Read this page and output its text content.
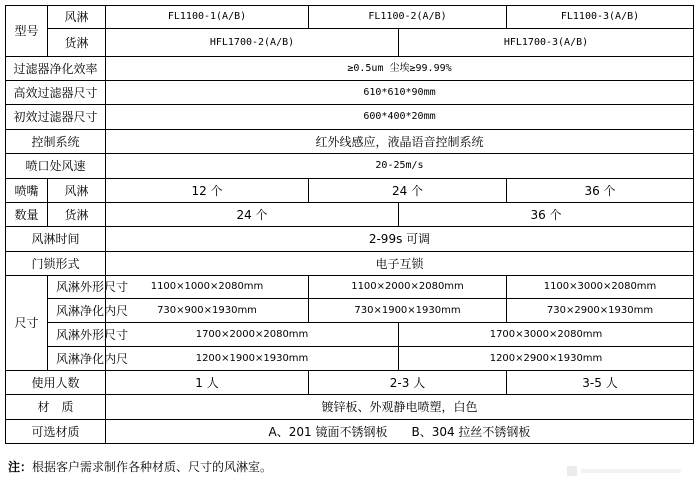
型号	风淋	FL1100-1(A/B)	FL1100-2(A/B)		FL1100-3(A/B)
	货淋	HFL1700-2(A/B)		HFL1700-3(A/B)	
过滤器净化效率		≥0.5um 尘埃≥99.99%			
高效过滤器尺寸		610*610*90mm			
初效过滤器尺寸		600*400*20mm			
控制系统		红外线感应，液晶语音控制系统			
喷口处风速		20-25m/s			
喷嘴	风淋	12 个	24 个		36 个
数量	货淋	24 个		36 个	
风淋时间		2-99s 可调			
门锁形式		电子互锁			
尺寸	风淋外形尺寸	1100×1000×2080mm	1100×2000×2080mm		1100×3000×2080mm
	风淋净化内尺	730×900×1930mm	730×1900×1930mm		730×2900×1930mm
	风淋外形尺寸	1700×2000×2080mm		1700×3000×2080mm	
	风淋净化内尺	1200×1900×1930mm		1200×2900×1930mm	
使用人数		1 人	2-3 人		3-5 人
材　质		镀锌板、外观静电喷塑，白色			
可选材质		A、201 镜面不锈钢板　　B、304 拉丝不锈钢板			
注：根据客户需求制作各种材质、尺寸的风淋室。
